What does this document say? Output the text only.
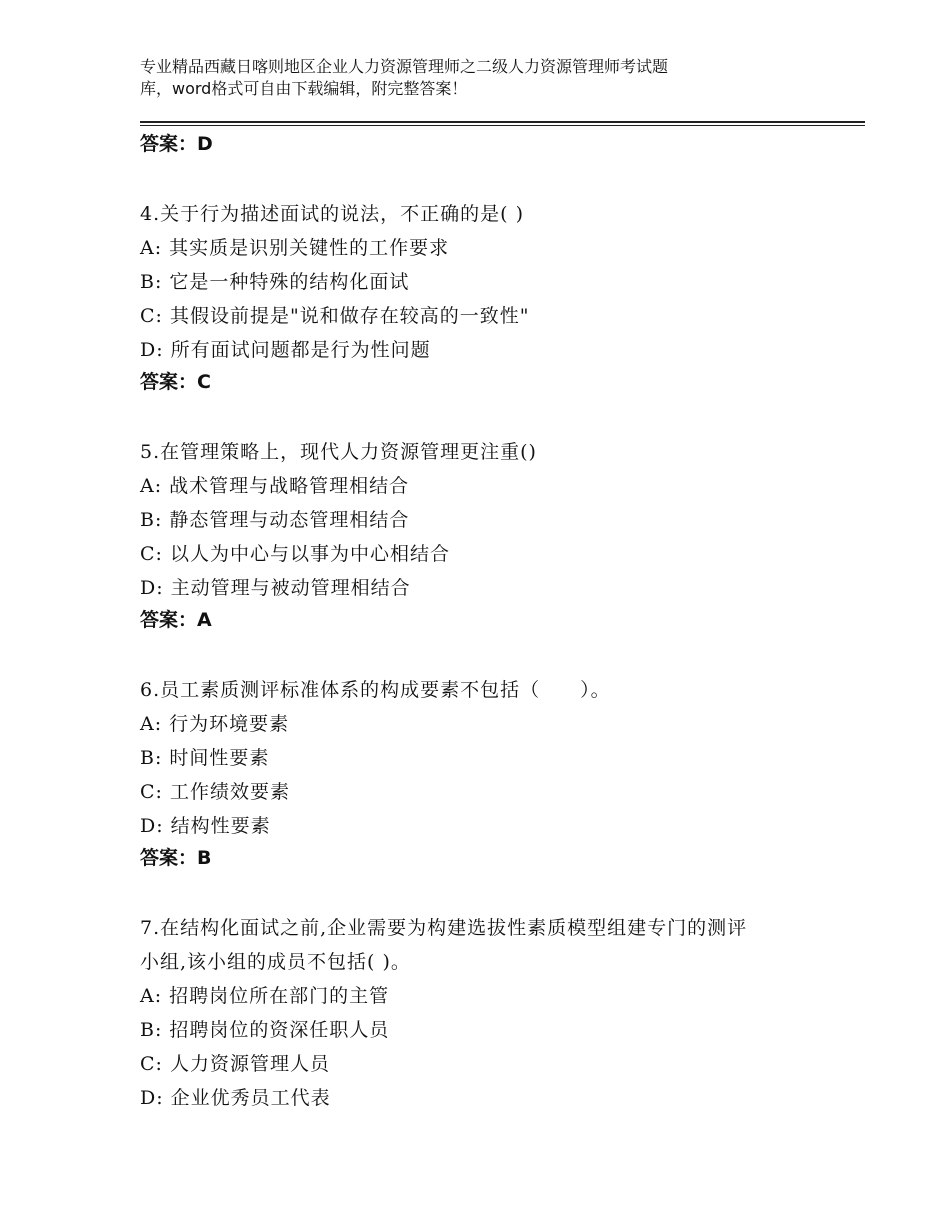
专业精品西藏日喀则地区企业人力资源管理师之二级人力资源管理师考试题
库，word格式可自由下载编辑，附完整答案！
答案：D
4.关于行为描述面试的说法，不正确的是( )
A: 其实质是识别关键性的工作要求
B: 它是一种特殊的结构化面试
C: 其假设前提是"说和做存在较高的一致性"
D: 所有面试问题都是行为性问题
答案：C
5.在管理策略上，现代人力资源管理更注重()
A: 战术管理与战略管理相结合
B: 静态管理与动态管理相结合
C: 以人为中心与以事为中心相结合
D: 主动管理与被动管理相结合
答案：A
6.员工素质测评标准体系的构成要素不包括（　　）。
A: 行为环境要素
B: 时间性要素
C: 工作绩效要素
D: 结构性要素
答案：B
7.在结构化面试之前,企业需要为构建选拔性素质模型组建专门的测评
小组,该小组的成员不包括( )。
A: 招聘岗位所在部门的主管
B: 招聘岗位的资深任职人员
C: 人力资源管理人员
D: 企业优秀员工代表
